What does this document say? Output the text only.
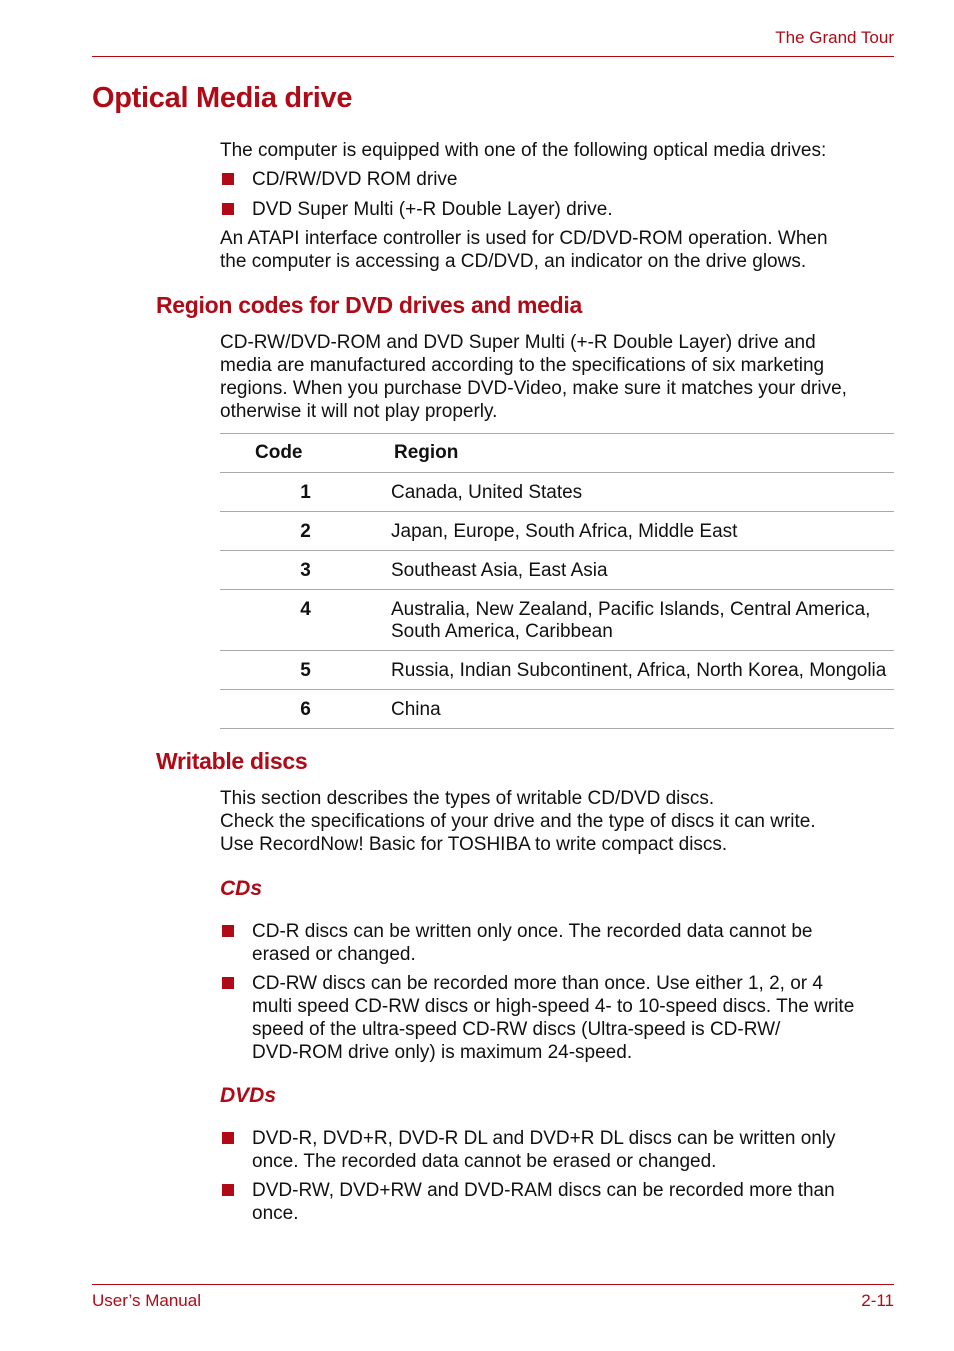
The Grand Tour
Optical Media drive
The computer is equipped with one of the following optical media drives:
CD/RW/DVD ROM drive
DVD Super Multi (+-R Double Layer) drive.
An ATAPI interface controller is used for CD/DVD-ROM operation. When
the computer is accessing a CD/DVD, an indicator on the drive glows.
Region codes for DVD drives and media
CD-RW/DVD-ROM and DVD Super Multi (+-R Double Layer) drive and
media are manufactured according to the specifications of six marketing
regions. When you purchase DVD-Video, make sure it matches your drive,
otherwise it will not play properly.
Code	Region
1	Canada, United States
2	Japan, Europe, South Africa, Middle East
3	Southeast Asia, East Asia
4	Australia, New Zealand, Pacific Islands, Central America,
South America, Caribbean

5	Russia, Indian Subcontinent, Africa, North Korea, Mongolia
6	China
Writable discs
This section describes the types of writable CD/DVD discs.
Check the specifications of your drive and the type of discs it can write.
Use RecordNow! Basic for TOSHIBA to write compact discs.
CDs
CD-R discs can be written only once. The recorded data cannot be
erased or changed.
CD-RW discs can be recorded more than once. Use either 1, 2, or 4
multi speed CD-RW discs or high-speed 4- to 10-speed discs. The write
speed of the ultra-speed CD-RW discs (Ultra-speed is CD-RW/
DVD-ROM drive only) is maximum 24-speed.
DVDs
DVD-R, DVD+R, DVD-R DL and DVD+R DL discs can be written only
once. The recorded data cannot be erased or changed.
DVD-RW, DVD+RW and DVD-RAM discs can be recorded more than
once.
User’s Manual	2-11
